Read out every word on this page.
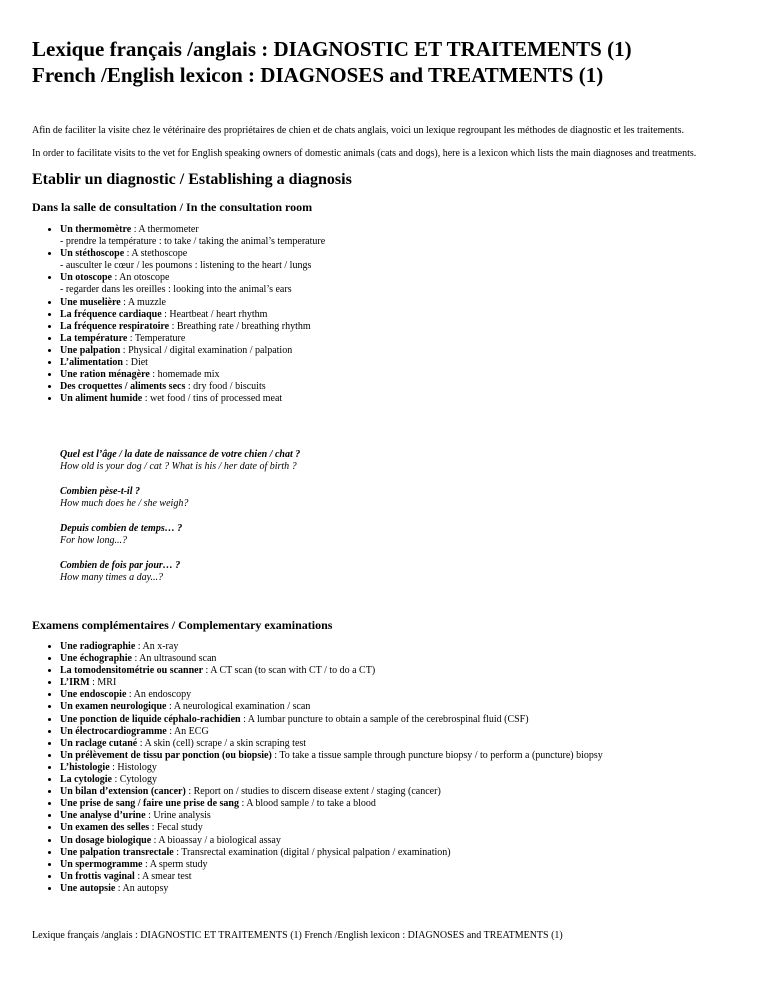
Lexique français /anglais : DIAGNOSTIC ET TRAITEMENTS (1)
French /English lexicon : DIAGNOSES and TREATMENTS (1)

Afin de faciliter la visite chez le vétérinaire des propriétaires de chien et de chats anglais, voici un lexique regroupant les méthodes de diagnostic et les traitements.

In order to facilitate visits to the vet for English speaking owners of domestic animals (cats and dogs), here is a lexicon which lists the main diagnoses and treatments.

Etablir un diagnostic / Establishing a diagnosis
Dans la salle de consultation / In the consultation room
• Un thermomètre : A thermometer
- prendre la température : to take / taking the animal’s temperature
• Un stéthoscope : A stethoscope
- ausculter le cœur / les poumons : listening to the heart / lungs
• Un otoscope : An otoscope
- regarder dans les oreilles : looking into the animal’s ears
• Une muselière : A muzzle
• La fréquence cardiaque : Heartbeat / heart rhythm
• La fréquence respiratoire : Breathing rate / breathing rhythm
• La température : Temperature
• Une palpation : Physical / digital examination / palpation
• L’alimentation : Diet
• Une ration ménagère : homemade mix
• Des croquettes / aliments secs : dry food / biscuits
• Un aliment humide : wet food / tins of processed meat
Quel est l’âge / la date de naissance de votre chien / chat ?
How old is your dog / cat ? What is his / her date of birth ?
Combien pèse-t-il ?
How much does he / she weigh?
Depuis combien de temps… ?
For how long...?
Combien de fois par jour… ?
How many times a day...?
Examens complémentaires / Complementary examinations
• Une radiographie : An x-ray
• Une échographie : An ultrasound scan
• La tomodensitométrie ou scanner : A CT scan (to scan with CT / to do a CT)
• L’IRM : MRI
• Une endoscopie : An endoscopy
• Un examen neurologique : A neurological examination / scan
• Une ponction de liquide céphalo-rachidien : A lumbar puncture to obtain a sample of the cerebrospinal fluid (CSF)
• Un électrocardiogramme : An ECG
• Un raclage cutané : A skin (cell) scrape / a skin scraping test
• Un prélèvement de tissu par ponction (ou biopsie) : To take a tissue sample through puncture biopsy / to perform a (puncture) biopsy
• L’histologie : Histology
• La cytologie : Cytology
• Un bilan d’extension (cancer) : Report on / studies to discern disease extent / staging (cancer)
• Une prise de sang / faire une prise de sang : A blood sample / to take a blood
• Une analyse d’urine : Urine analysis
• Un examen des selles : Fecal study
• Un dosage biologique : A bioassay / a biological assay
• Une palpation transrectale : Transrectal examination (digital / physical palpation / examination)
• Un spermogramme : A sperm study
• Un frottis vaginal : A smear test
• Une autopsie : An autopsy

Lexique français /anglais : DIAGNOSTIC ET TRAITEMENTS (1) French /English lexicon : DIAGNOSES and TREATMENTS (1)
